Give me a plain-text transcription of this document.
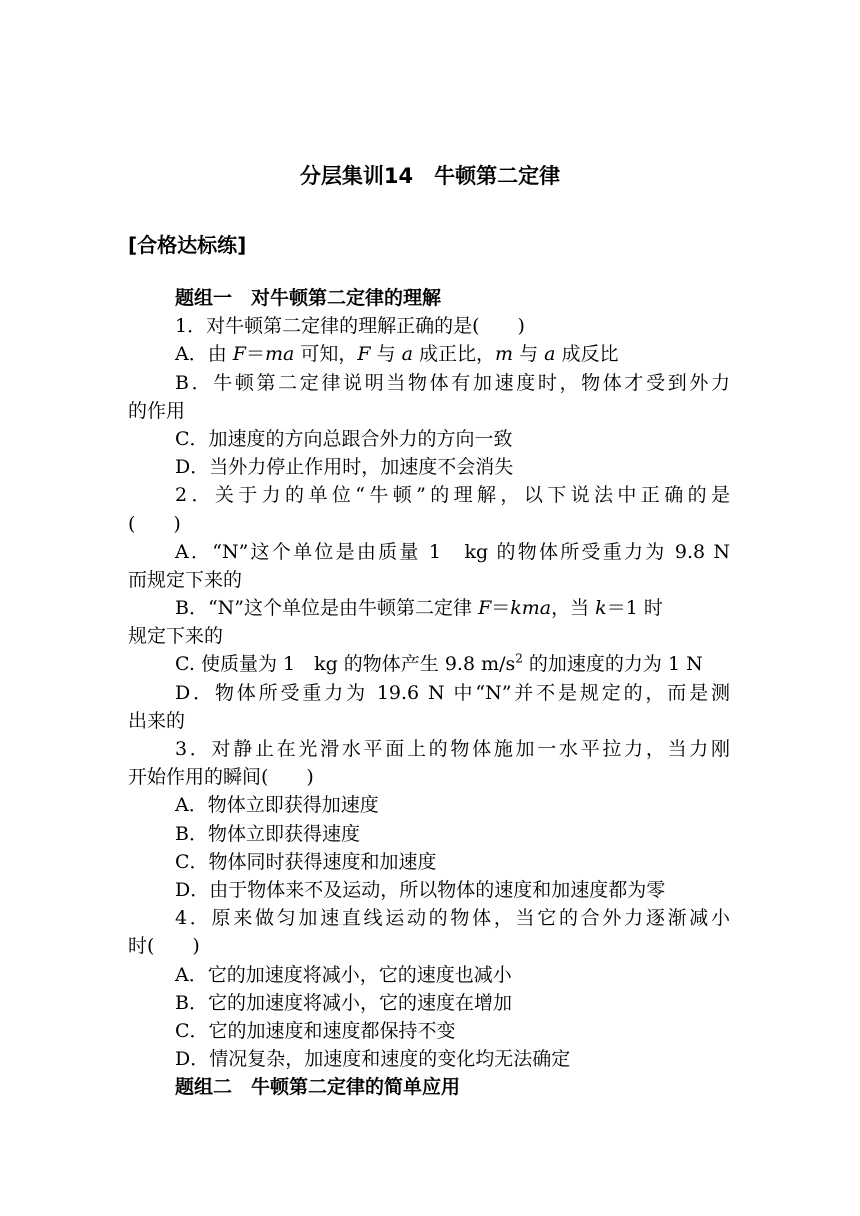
分层集训14　牛顿第二定律
[合格达标练]
题组一　对牛顿第二定律的理解
1．对牛顿第二定律的理解正确的是(　　)
A．由 F＝ma 可知，F 与 a 成正比，m 与 a 成反比
B．牛顿第二定律说明当物体有加速度时，物体才受到外力
的作用
C．加速度的方向总跟合外力的方向一致
D．当外力停止作用时，加速度不会消失
2．关于力的单位“牛顿”的理解，以下说法中正确的是
(　　)
A．“N”这个单位是由质量 1　kg 的物体所受重力为 9.8 N
而规定下来的
B．“N”这个单位是由牛顿第二定律 F＝kma，当 k＝1 时
规定下来的
C. 使质量为 1　kg 的物体产生 9.8 $m/s^2$ 的加速度的力为 1 N
D．物体所受重力为 19.6 N 中“N”并不是规定的，而是测
出来的
3．对静止在光滑水平面上的物体施加一水平拉力，当力刚
开始作用的瞬间(　　)
A．物体立即获得加速度
B．物体立即获得速度
C．物体同时获得速度和加速度
D．由于物体来不及运动，所以物体的速度和加速度都为零
4．原来做匀加速直线运动的物体，当它的合外力逐渐减小
时(　　)
A．它的加速度将减小，它的速度也减小
B．它的加速度将减小，它的速度在增加
C．它的加速度和速度都保持不变
D．情况复杂，加速度和速度的变化均无法确定
题组二　牛顿第二定律的简单应用
